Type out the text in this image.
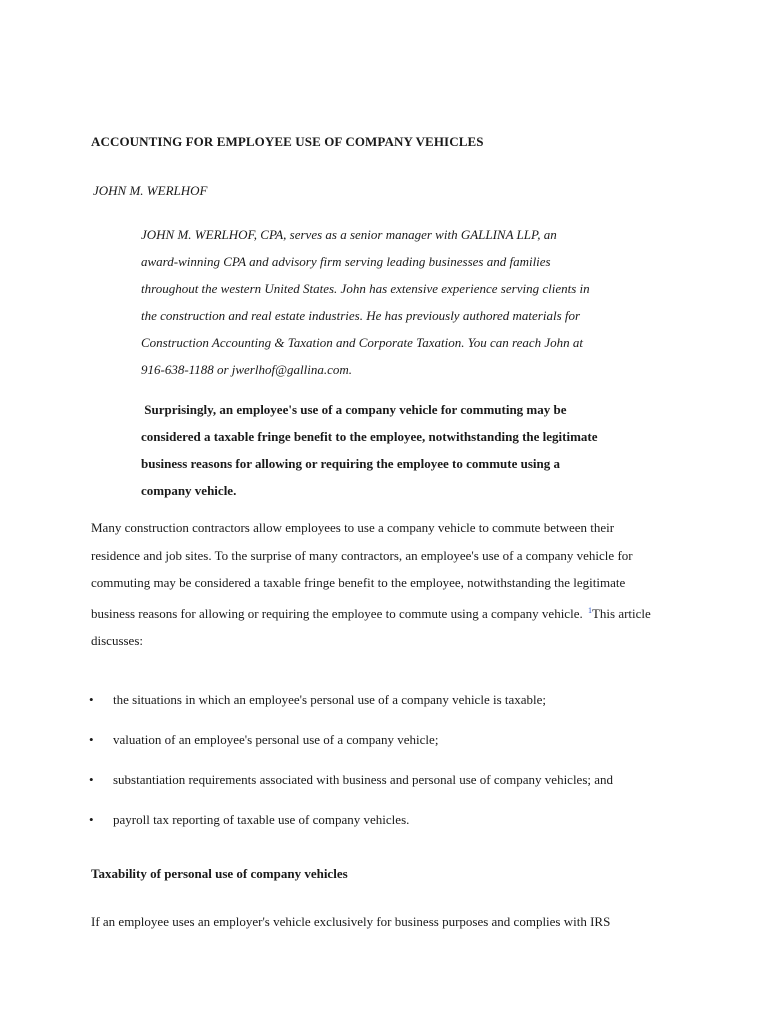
ACCOUNTING FOR EMPLOYEE USE OF COMPANY VEHICLES
JOHN M. WERLHOF
JOHN M. WERLHOF, CPA, serves as a senior manager with GALLINA LLP, an
award-winning CPA and advisory firm serving leading businesses and families
throughout the western United States. John has extensive experience serving clients in
the construction and real estate industries. He has previously authored materials for
Construction Accounting & Taxation and Corporate Taxation. You can reach John at
916-638-1188 or jwerlhof@gallina.com.
Surprisingly, an employee's use of a company vehicle for commuting may be
considered a taxable fringe benefit to the employee, notwithstanding the legitimate
business reasons for allowing or requiring the employee to commute using a
company vehicle.
Many construction contractors allow employees to use a company vehicle to commute between their
residence and job sites. To the surprise of many contractors, an employee's use of a company vehicle for
commuting may be considered a taxable fringe benefit to the employee, notwithstanding the legitimate
business reasons for allowing or requiring the employee to commute using a company vehicle. $^1$This article
discusses:
•	the situations in which an employee's personal use of a company vehicle is taxable;
•	valuation of an employee's personal use of a company vehicle;
•	substantiation requirements associated with business and personal use of company vehicles; and
•	payroll tax reporting of taxable use of company vehicles.
Taxability of personal use of company vehicles
If an employee uses an employer's vehicle exclusively for business purposes and complies with IRS
